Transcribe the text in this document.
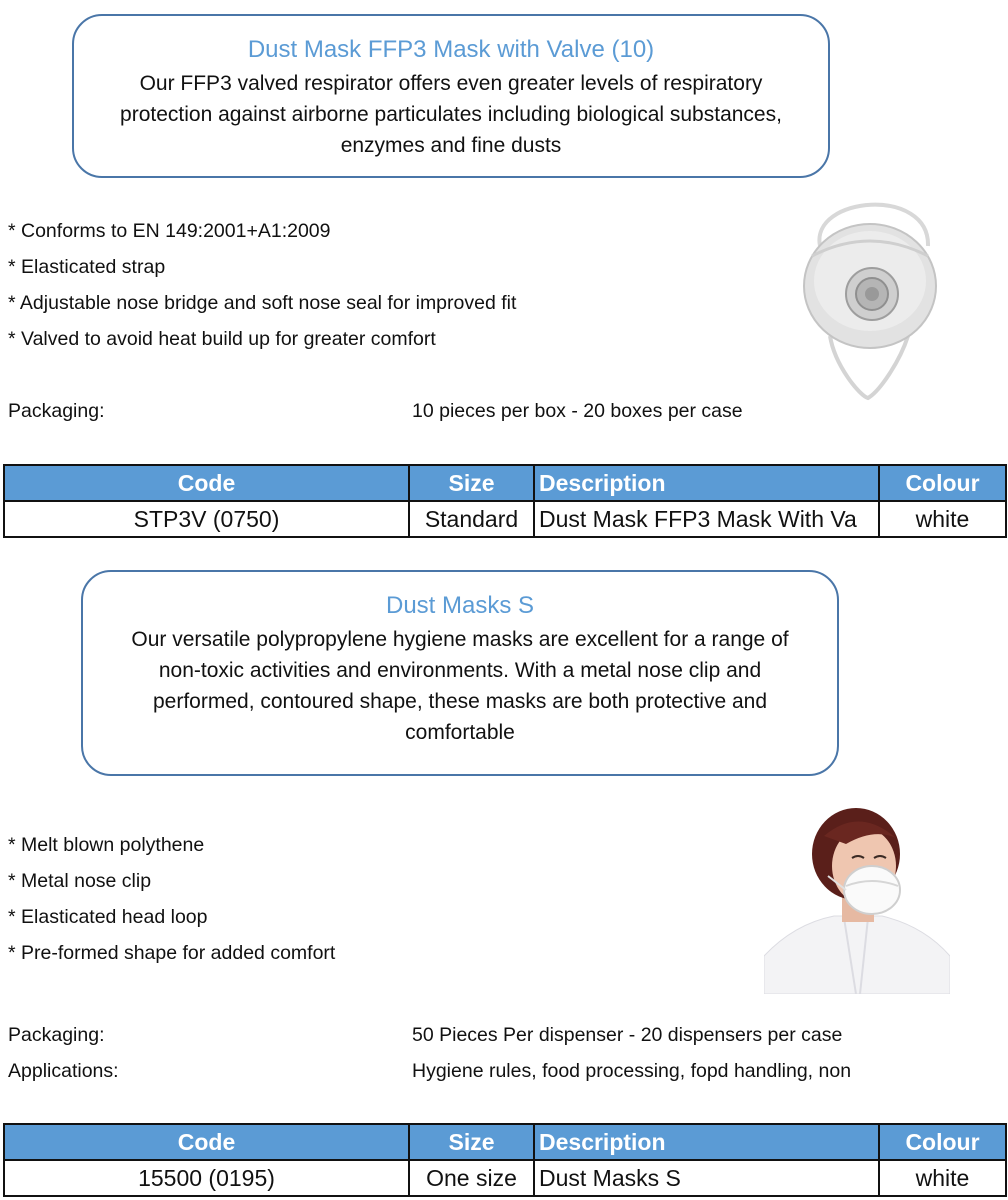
Dust Mask FFP3 Mask with Valve (10)
Our FFP3 valved respirator offers even greater levels of respiratory protection against airborne particulates including biological substances, enzymes and fine dusts
* Conforms to EN 149:2001+A1:2009
* Elasticated strap
* Adjustable nose bridge and soft nose seal for improved fit
* Valved to avoid heat build up for greater comfort
Packaging:	10 pieces per box - 20 boxes per case
Code	Size	Description	Colour
STP3V (0750)	Standard	Dust Mask FFP3 Mask With Va	white
Dust Masks S
Our versatile polypropylene hygiene masks are excellent for a range of non-toxic activities and environments. With a metal nose clip and performed, contoured shape, these masks are both protective and comfortable
* Melt blown polythene
* Metal nose clip
* Elasticated head loop
* Pre-formed shape for added comfort
Packaging:	50 Pieces Per dispenser - 20 dispensers per case
Applications:	Hygiene rules, food processing, fopd handling, non
Code	Size	Description	Colour
15500 (0195)	One size	Dust Masks S	white
